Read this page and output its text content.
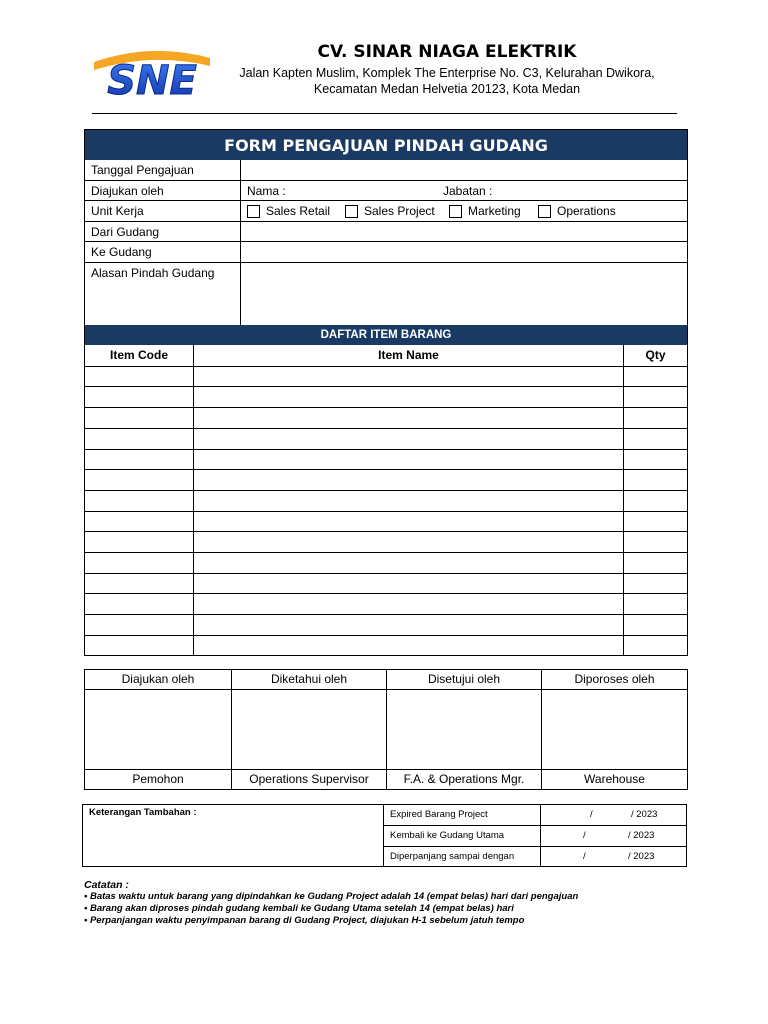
SNE
CV. SINAR NIAGA ELEKTRIK
Jalan Kapten Muslim, Komplek The Enterprise No. C3, Kelurahan Dwikora,
Kecamatan Medan Helvetia 20123, Kota Medan
FORM PENGAJUAN PINDAH GUDANG
Tanggal Pengajuan
Diajukan oleh	Nama :	Jabatan :
Unit Kerja	Sales Retail	Sales Project	Marketing	Operations
Dari Gudang
Ke Gudang
Alasan Pindah Gudang
DAFTAR ITEM BARANG
Item Code	Item Name	Qty
Diajukan oleh	Diketahui oleh	Disetujui oleh	Diporoses oleh
Pemohon	Operations Supervisor	F.A. & Operations Mgr.	Warehouse
Keterangan Tambahan :	Expired Barang Project	/	/ 2023
Kembali ke Gudang Utama	/	/ 2023
Diperpanjang sampai dengan	/	/ 2023
Catatan :
• Batas waktu untuk barang yang dipindahkan ke Gudang Project adalah 14 (empat belas) hari dari pengajuan
• Barang akan diproses pindah gudang kembali ke Gudang Utama setelah 14 (empat belas) hari
• Perpanjangan waktu penyimpanan barang di Gudang Project, diajukan H-1 sebelum jatuh tempo
